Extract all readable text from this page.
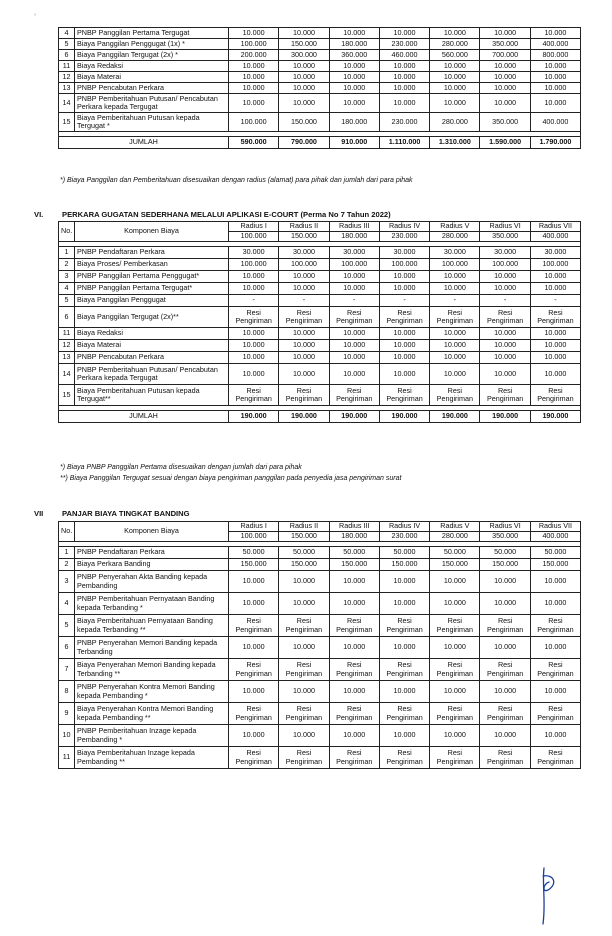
°
4	PNBP Panggilan Pertama Tergugat	10.000	10.000	10.000	10.000	10.000	10.000	10.000
5	Biaya Panggilan Penggugat (1x) *	100.000	150.000	180.000	230.000	280.000	350.000	400.000
6	Biaya Panggilan Tergugat (2x) *	200.000	300.000	360.000	460.000	560.000	700.000	800.000
11	Biaya Redaksi	10.000	10.000	10.000	10.000	10.000	10.000	10.000
12	Biaya Materai	10.000	10.000	10.000	10.000	10.000	10.000	10.000
13	PNBP Pencabutan Perkara	10.000	10.000	10.000	10.000	10.000	10.000	10.000
14	PNBP Pemberitahuan Putusan/ Pencabutan Perkara kepada Tergugat	10.000	10.000	10.000	10.000	10.000	10.000	10.000
15	Biaya Pemberitahuan Putusan kepada Tergugat *	100.000	150.000	180.000	230.000	280.000	350.000	400.000

JUMLAH		590.000	790.000	910.000	1.110.000	1.310.000	1.590.000	1.790.000
*) Biaya Panggilan dan Pemberitahuan disesuaikan dengan radius (alamat) para pihak dan jumlah dari para pihak
VI. PERKARA GUGATAN SEDERHANA MELALUI APLIKASI E-COURT (Perma No 7 Tahun 2022)
No.	Komponen Biaya	Radius I	Radius II	Radius III	Radius IV	Radius V	Radius VI	Radius VII
		100.000	150.000	180.000	230.000	280.000	350.000	400.000

1	PNBP Pendaftaran Perkara	30.000	30.000	30.000	30.000	30.000	30.000	30.000
2	Biaya Proses/ Pemberkasan	100.000	100.000	100.000	100.000	100.000	100.000	100.000
3	PNBP Panggilan Pertama Penggugat*	10.000	10.000	10.000	10.000	10.000	10.000	10.000
4	PNBP Panggilan Pertama Tergugat*	10.000	10.000	10.000	10.000	10.000	10.000	10.000
5	Biaya Panggilan Penggugat	-	-	-	-	-	-	-
6	Biaya Panggilan Tergugat (2x)**	Resi
Pengiriman	Resi
Pengiriman	Resi
Pengiriman	Resi
Pengiriman	Resi
Pengiriman	Resi
Pengiriman	Resi
Pengiriman
11	Biaya Redaksi	10.000	10.000	10.000	10.000	10.000	10.000	10.000
12	Biaya Materai	10.000	10.000	10.000	10.000	10.000	10.000	10.000
13	PNBP Pencabutan Perkara	10.000	10.000	10.000	10.000	10.000	10.000	10.000
14	PNBP Pemberitahuan Putusan/ Pencabutan Perkara kepada Tergugat	10.000	10.000	10.000	10.000	10.000	10.000	10.000
15	Biaya Pemberitahuan Putusan kepada Tergugat**	Resi
Pengiriman	Resi
Pengiriman	Resi
Pengiriman	Resi
Pengiriman	Resi
Pengiriman	Resi
Pengiriman	Resi
Pengiriman

JUMLAH		190.000	190.000	190.000	190.000	190.000	190.000	190.000
*) Biaya PNBP Panggilan Pertama disesuaikan dengan jumlah dari para pihak
**) Biaya Panggilan Tergugat sesuai dengan biaya pengiriman panggilan pada penyedia jasa pengiriman surat
VII PANJAR BIAYA TINGKAT BANDING
No.	Komponen Biaya	Radius I	Radius II	Radius III	Radius IV	Radius V	Radius VI	Radius VII
		100.000	150.000	180.000	230.000	280.000	350.000	400.000

1	PNBP Pendaftaran Perkara	50.000	50.000	50.000	50.000	50.000	50.000	50.000
2	Biaya Perkara Banding	150.000	150.000	150.000	150.000	150.000	150.000	150.000
3	PNBP Penyerahan Akta Banding kepada Pembanding	10.000	10.000	10.000	10.000	10.000	10.000	10.000
4	PNBP Pemberitahuan Pernyataan Banding kepada Terbanding *	10.000	10.000	10.000	10.000	10.000	10.000	10.000
5	Biaya Pemberitahuan Pernyataan Banding kepada Terbanding **	Resi
Pengiriman	Resi
Pengiriman	Resi
Pengiriman	Resi
Pengiriman	Resi
Pengiriman	Resi
Pengiriman	Resi
Pengiriman
6	PNBP Penyerahan Memori Banding kepada Terbanding	10.000	10.000	10.000	10.000	10.000	10.000	10.000
7	Biaya Penyerahan Memori Banding kepada Terbanding **	Resi
Pengiriman	Resi
Pengiriman	Resi
Pengiriman	Resi
Pengiriman	Resi
Pengiriman	Resi
Pengiriman	Resi
Pengiriman
8	PNBP Penyerahan Kontra Memori Banding kepada Pembanding *	10.000	10.000	10.000	10.000	10.000	10.000	10.000
9	Biaya Penyerahan Kontra Memori Banding kepada Pembanding **	Resi
Pengiriman	Resi
Pengiriman	Resi
Pengiriman	Resi
Pengiriman	Resi
Pengiriman	Resi
Pengiriman	Resi
Pengiriman
10	PNBP Pemberitahuan Inzage kepada Pembanding *	10.000	10.000	10.000	10.000	10.000	10.000	10.000
11	Biaya Pemberitahuan Inzage kepada Pembanding **	Resi
Pengiriman	Resi
Pengiriman	Resi
Pengiriman	Resi
Pengiriman	Resi
Pengiriman	Resi
Pengiriman	Resi
Pengiriman
